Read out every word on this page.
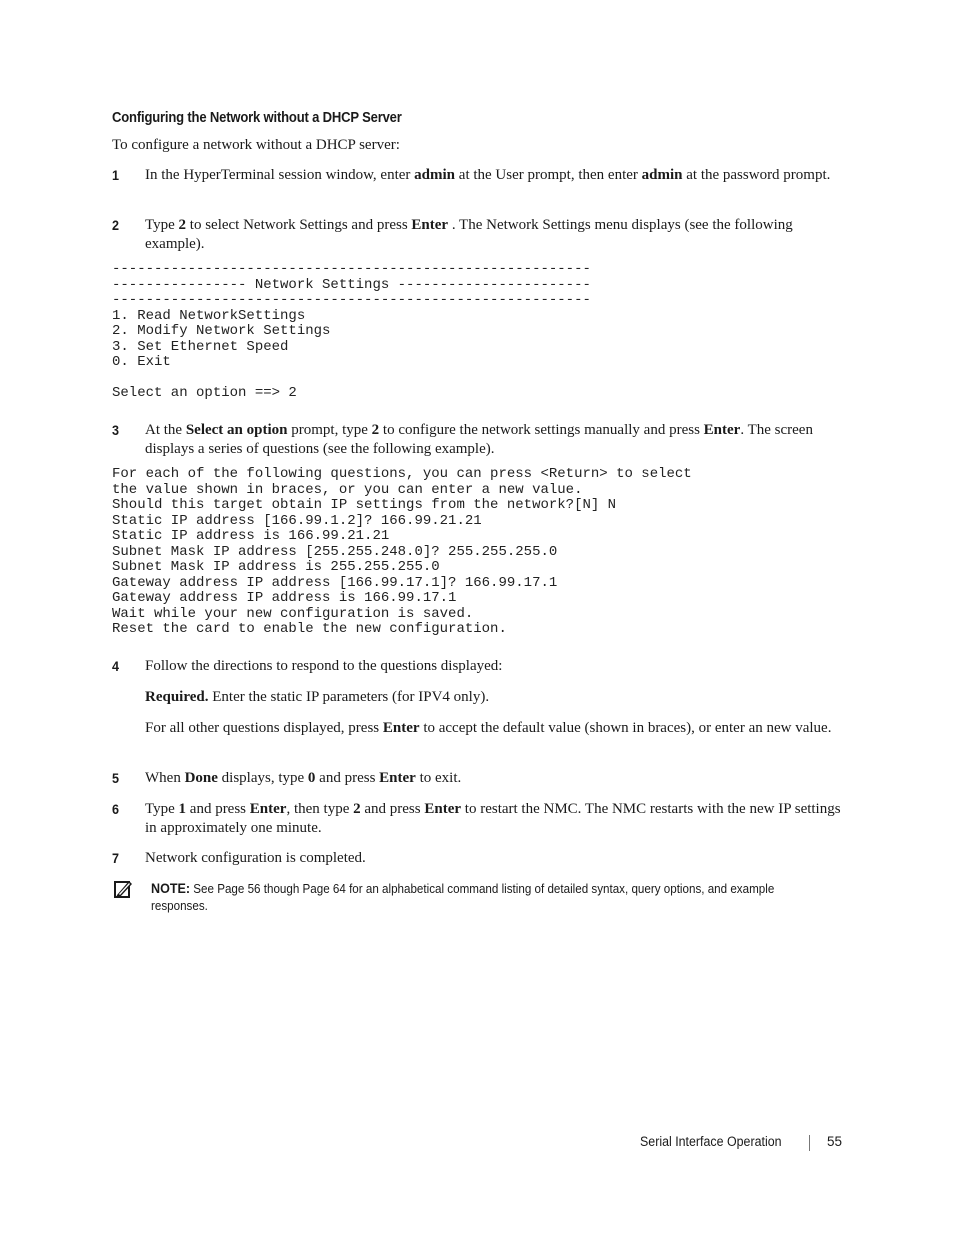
Configuring the Network without a DHCP Server
To configure a network without a DHCP server:
1 In the HyperTerminal session window, enter admin at the User prompt, then enter admin at the password prompt.
2 Type 2 to select Network Settings and press Enter . The Network Settings menu displays (see the following example).
---------------------------------------------------------
---------------- Network Settings -----------------------
---------------------------------------------------------
1. Read NetworkSettings
2. Modify Network Settings
3. Set Ethernet Speed
0. Exit

Select an option ==> 2
3 At the Select an option prompt, type 2 to configure the network settings manually and press Enter. The screen displays a series of questions (see the following example).
For each of the following questions, you can press <Return> to select
the value shown in braces, or you can enter a new value.
Should this target obtain IP settings from the network?[N] N
Static IP address [166.99.1.2]? 166.99.21.21
Static IP address is 166.99.21.21
Subnet Mask IP address [255.255.248.0]? 255.255.255.0
Subnet Mask IP address is 255.255.255.0
Gateway address IP address [166.99.17.1]? 166.99.17.1
Gateway address IP address is 166.99.17.1
Wait while your new configuration is saved.
Reset the card to enable the new configuration.
4 Follow the directions to respond to the questions displayed:
Required. Enter the static IP parameters (for IPV4 only).
For all other questions displayed, press Enter to accept the default value (shown in braces), or enter an new value.
5 When Done displays, type 0 and press Enter to exit.
6 Type 1 and press Enter, then type 2 and press Enter to restart the NMC. The NMC restarts with the new IP settings in approximately one minute.
7 Network configuration is completed.
NOTE: See Page 56 though Page 64 for an alphabetical command listing of detailed syntax, query options, and example responses.
Serial Interface Operation	55
